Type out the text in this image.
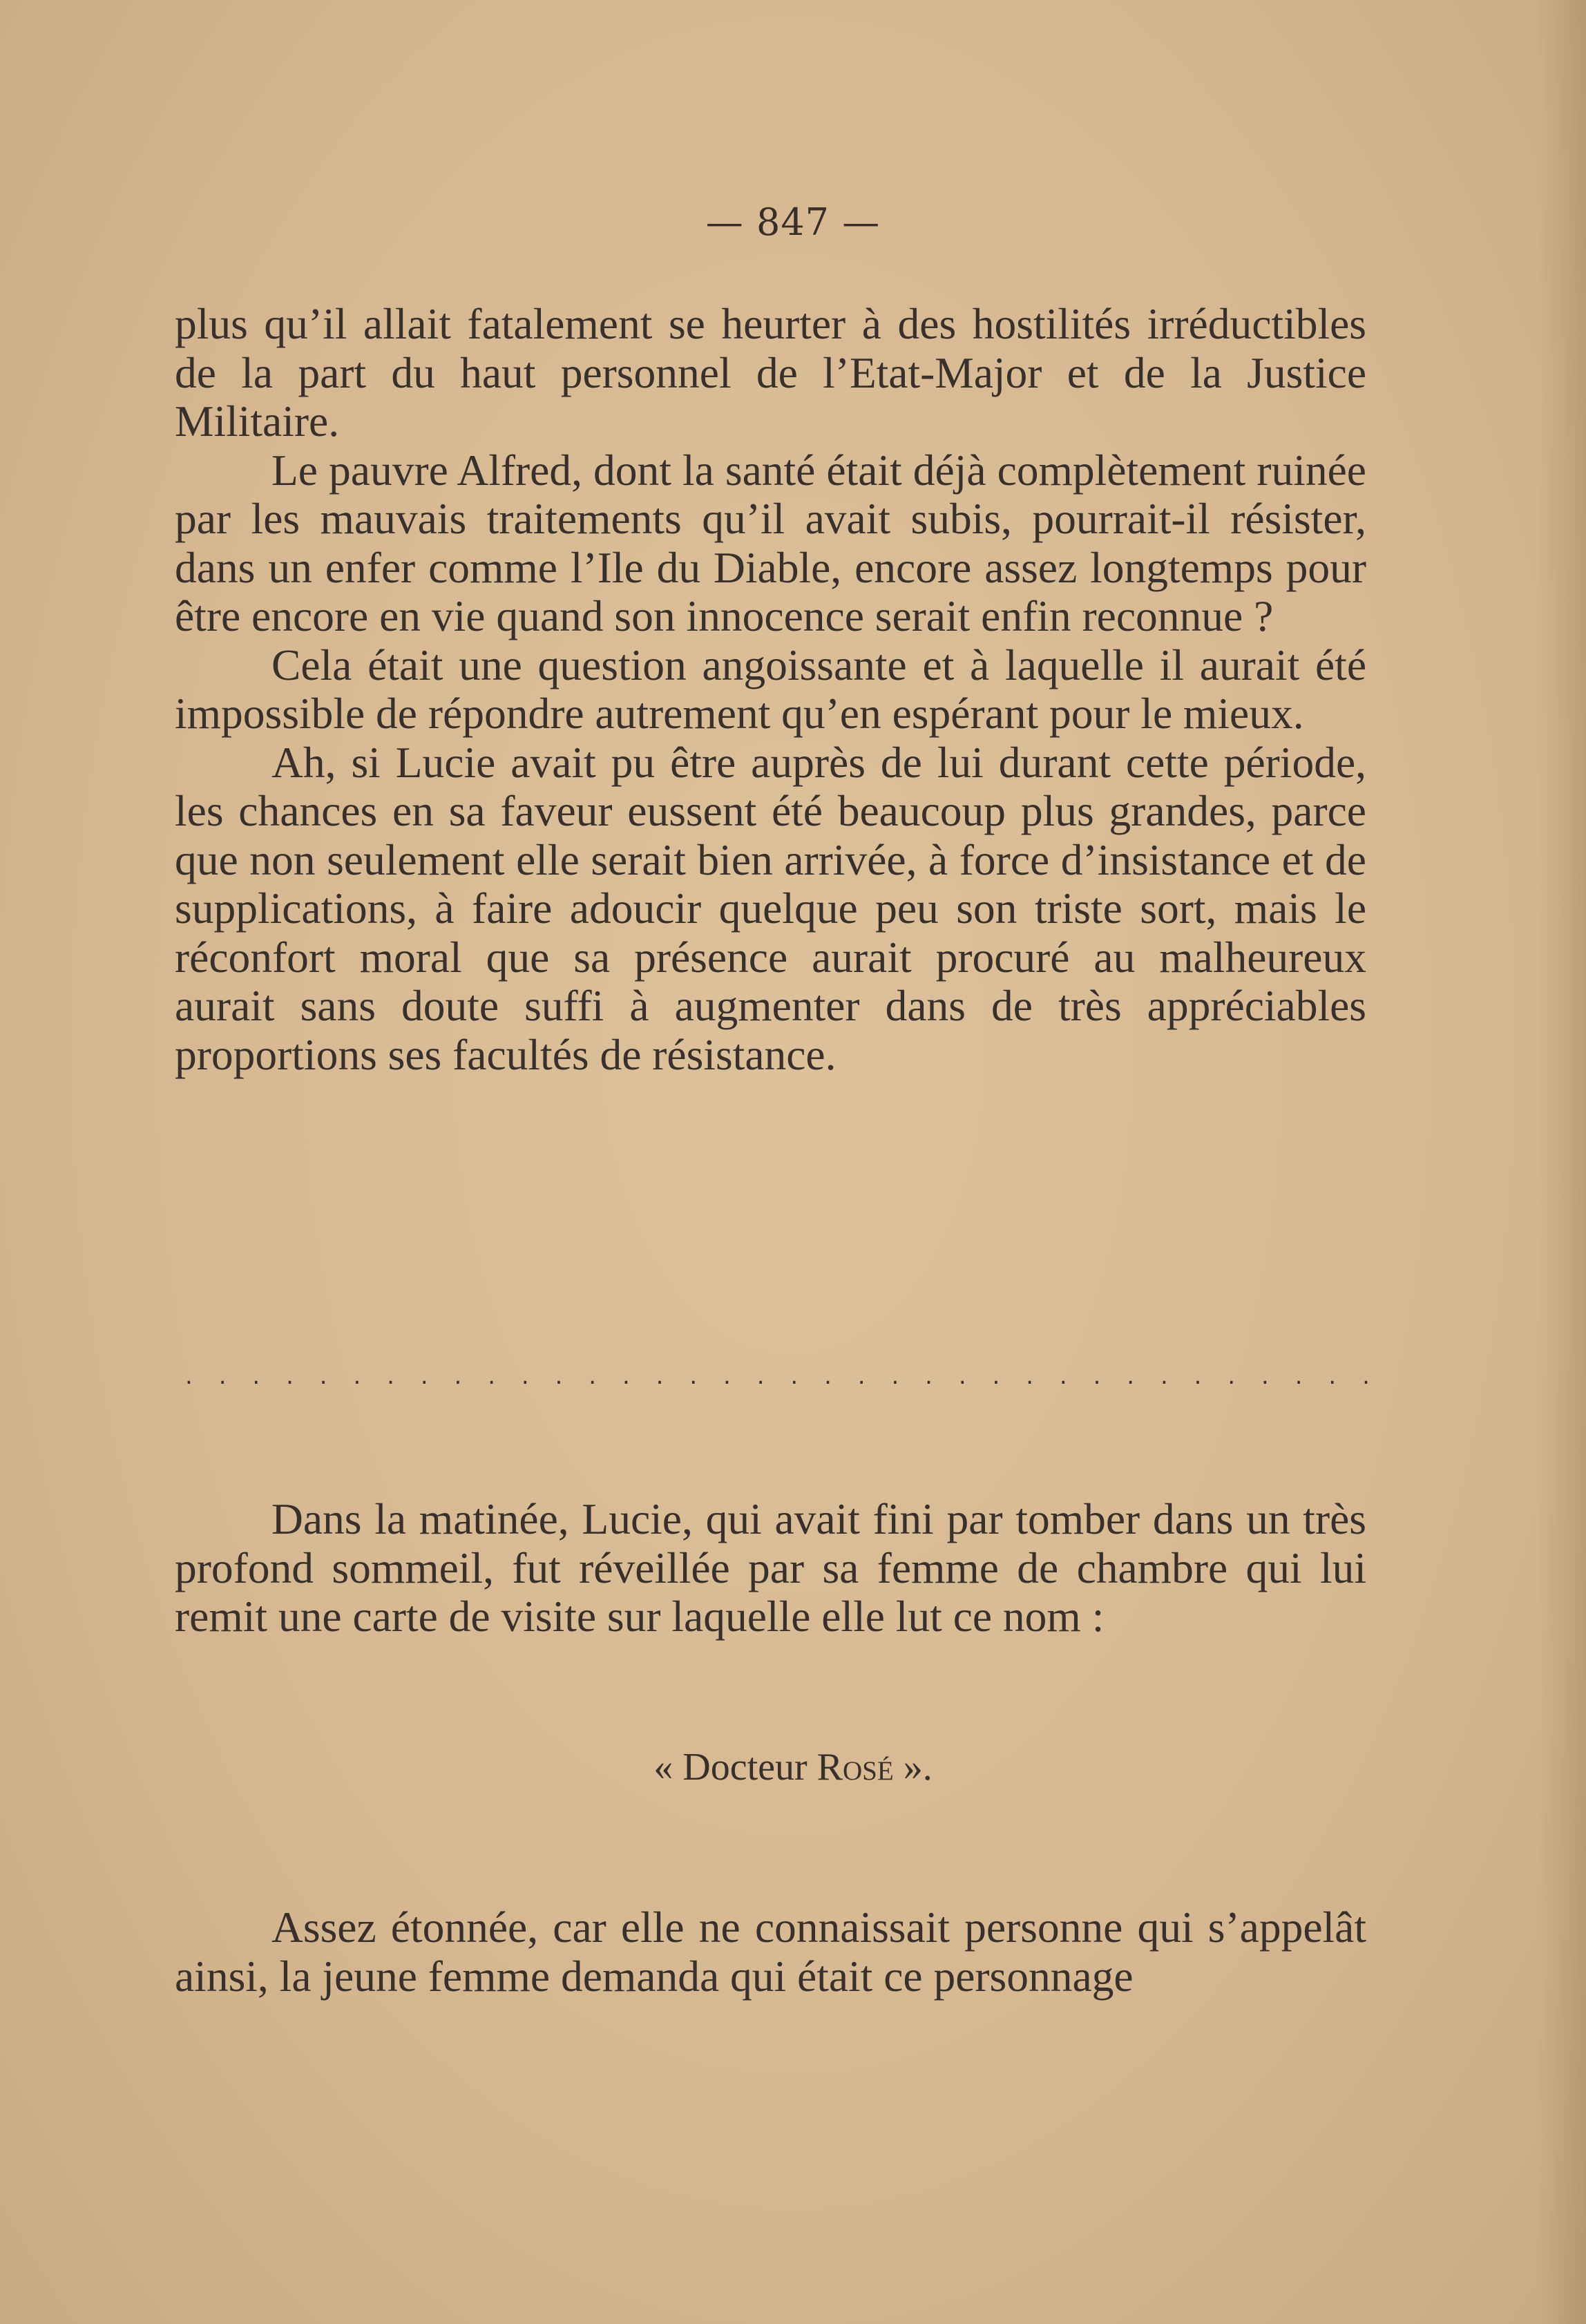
— 847 —

plus qu’il allait fatalement se heurter à des hostilités irréductibles de la part du haut personnel de l’Etat-Major et de la Justice Militaire.

Le pauvre Alfred, dont la santé était déjà complètement ruinée par les mauvais traitements qu’il avait subis, pourrait-il résister, dans un enfer comme l’Ile du Diable, encore assez longtemps pour être encore en vie quand son innocence serait enfin reconnue ?

Cela était une question angoissante et à laquelle il aurait été impossible de répondre autrement qu’en espérant pour le mieux.

Ah, si Lucie avait pu être auprès de lui durant cette période, les chances en sa faveur eussent été beaucoup plus grandes, parce que non seulement elle serait bien arrivée, à force d’insistance et de supplications, à faire adoucir quelque peu son triste sort, mais le réconfort moral que sa présence aurait procuré au malheureux aurait sans doute suffi à augmenter dans de très appréciables proportions ses facultés de résistance.

. . . . . . . . . . . . . . . . . . . . . . . . . . . . . . . . . . . .

Dans la matinée, Lucie, qui avait fini par tomber dans un très profond sommeil, fut réveillée par sa femme de chambre qui lui remit une carte de visite sur laquelle elle lut ce nom :

« Docteur Rosé ».

Assez étonnée, car elle ne connaissait personne qui s’appelât ainsi, la jeune femme demanda qui était ce personnage
